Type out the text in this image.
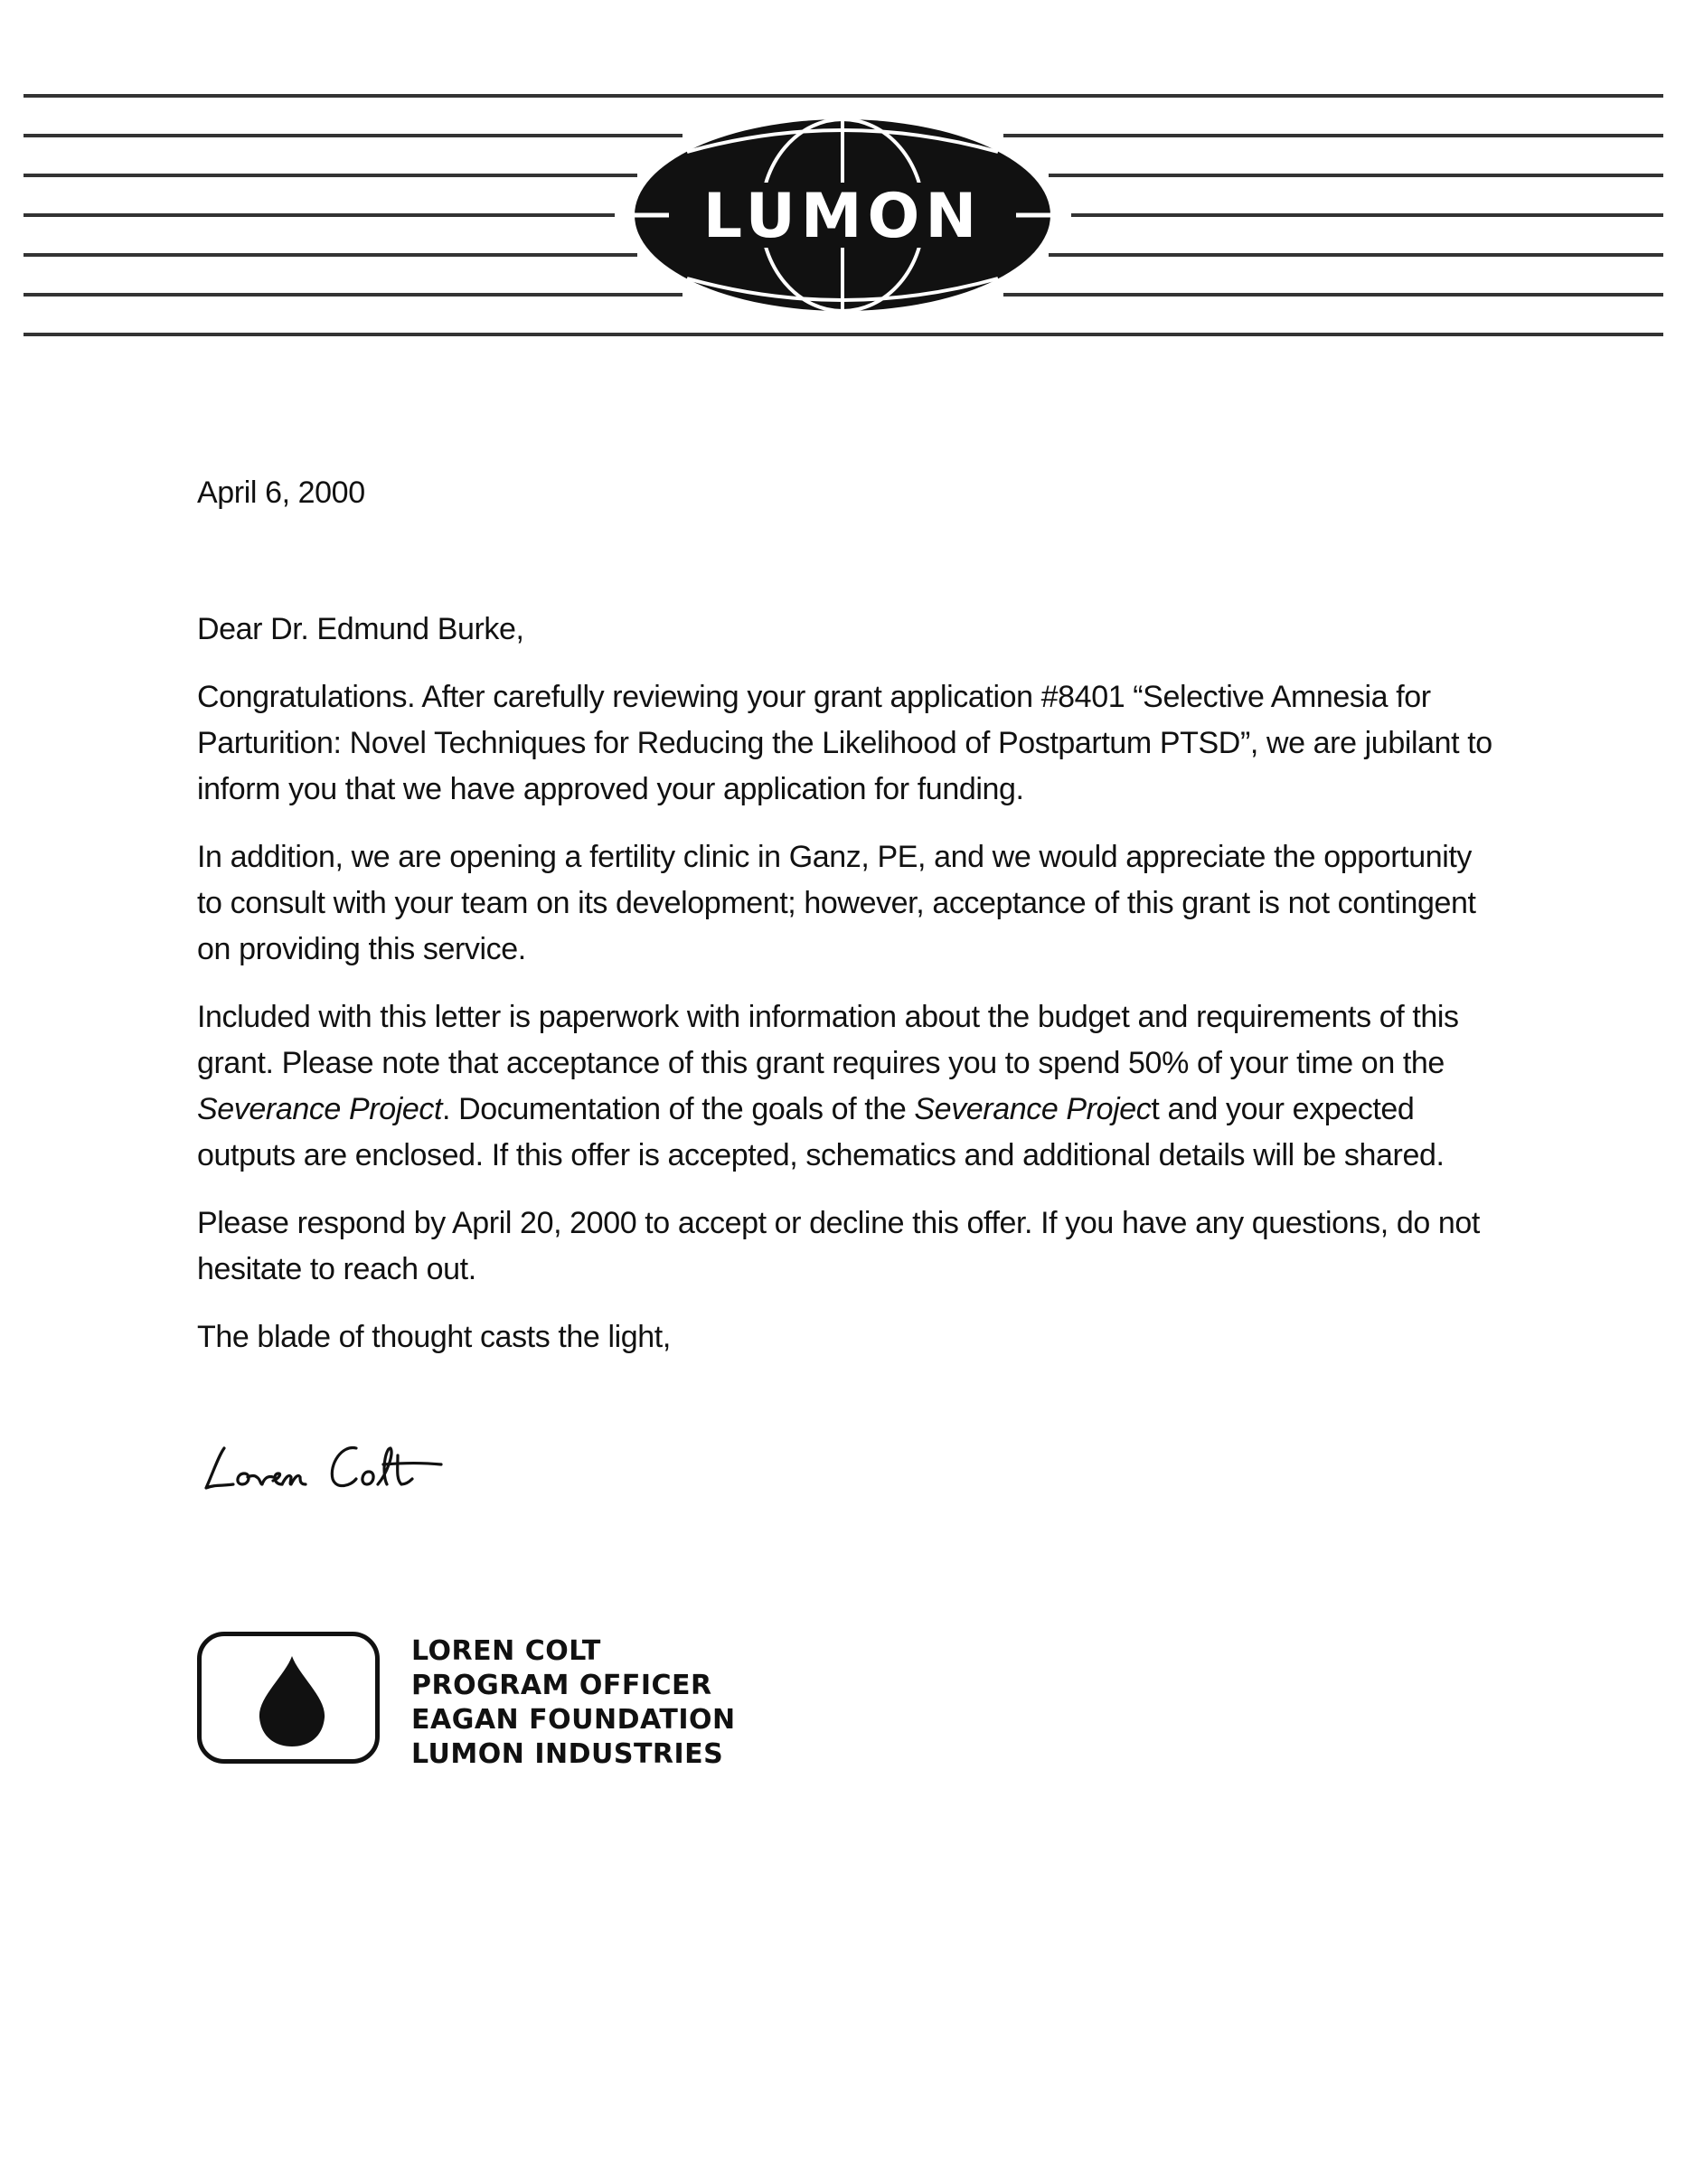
LUMON

April 6, 2000

Dear Dr. Edmund Burke,

Congratulations. After carefully reviewing your grant application #8401 “Selective Amnesia for Parturition: Novel Techniques for Reducing the Likelihood of Postpartum PTSD”, we are jubilant to inform you that we have approved your application for funding.

In addition, we are opening a fertility clinic in Ganz, PE, and we would appreciate the opportunity to consult with your team on its development; however, acceptance of this grant is not contingent on providing this service.

Included with this letter is paperwork with information about the budget and requirements of this grant. Please note that acceptance of this grant requires you to spend 50% of your time on the Severance Project. Documentation of the goals of the Severance Project and your expected outputs are enclosed. If this offer is accepted, schematics and additional details will be shared.

Please respond by April 20, 2000 to accept or decline this offer. If you have any questions, do not hesitate to reach out.

The blade of thought casts the light,

LOREN COLT
PROGRAM OFFICER
EAGAN FOUNDATION
LUMON INDUSTRIES
